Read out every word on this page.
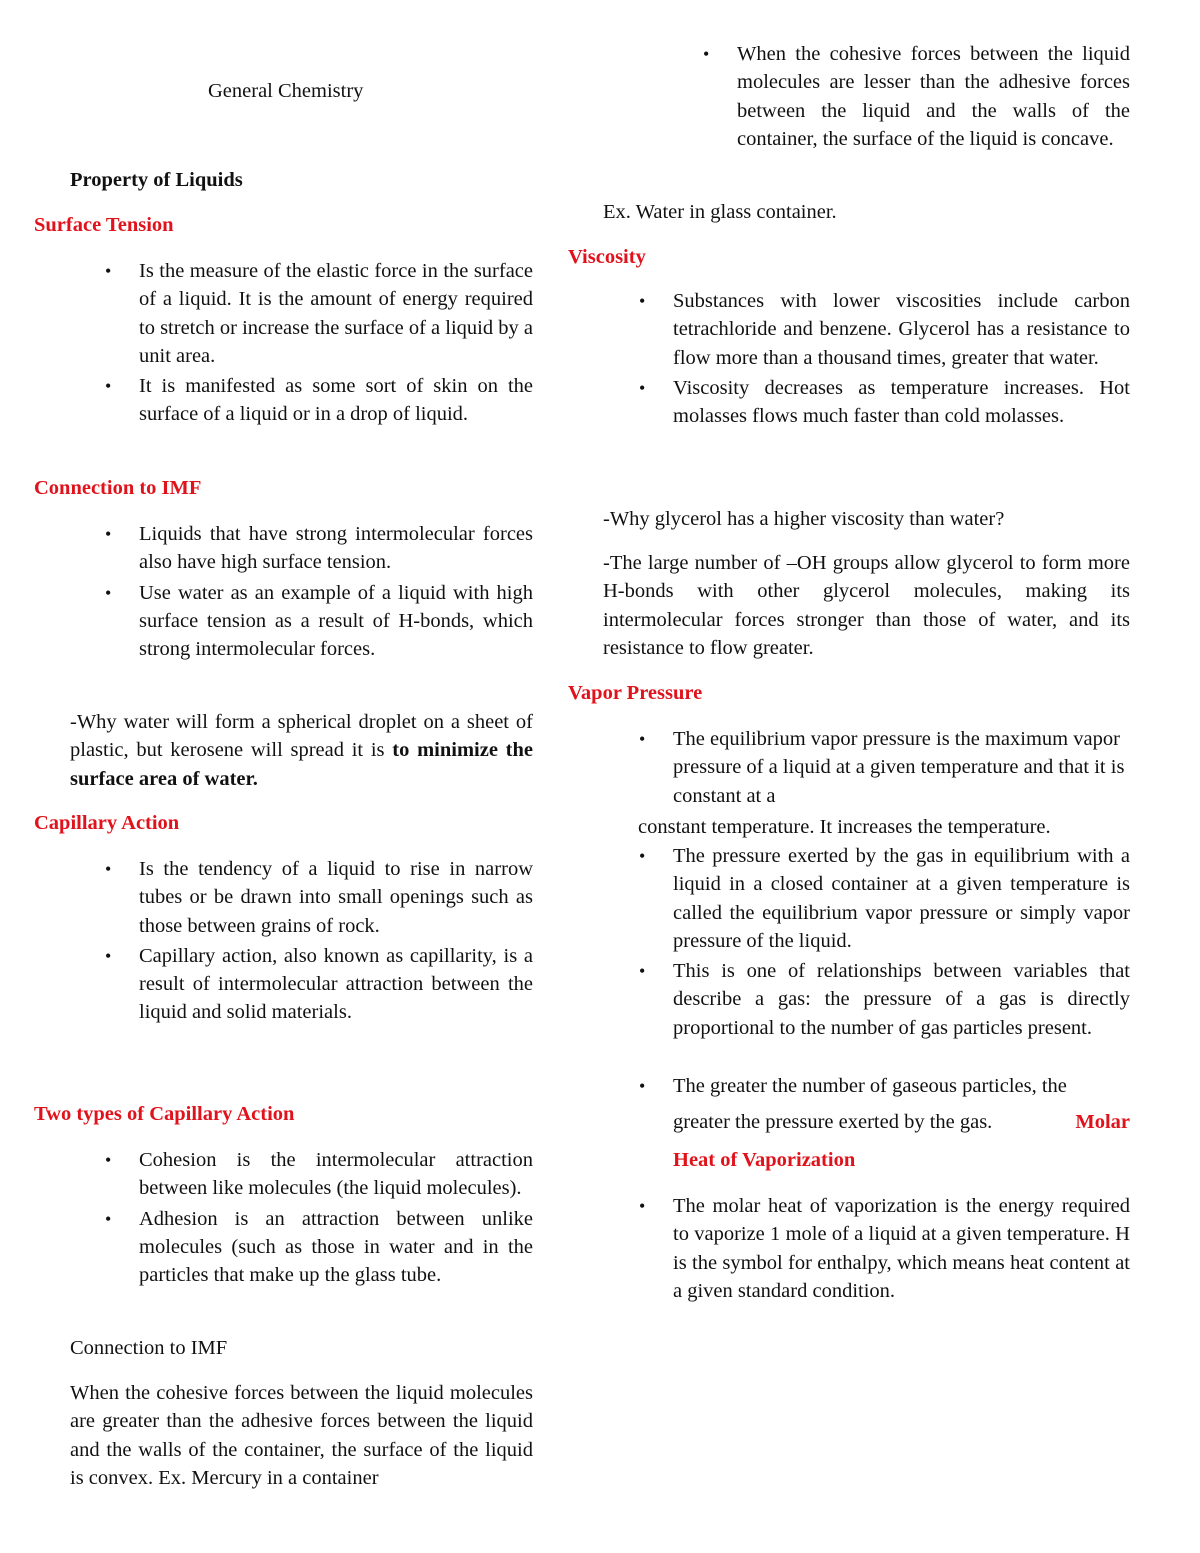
General Chemistry
Property of Liquids
Surface Tension
• Is the measure of the elastic force in the surface of a liquid. It is the amount of energy required to stretch or increase the surface of a liquid by a unit area.
• It is manifested as some sort of skin on the surface of a liquid or in a drop of liquid.
Connection to IMF
• Liquids that have strong intermolecular forces also have high surface tension.
• Use water as an example of a liquid with high surface tension as a result of H-bonds, which strong intermolecular forces.

-Why water will form a spherical droplet on a sheet of plastic, but kerosene will spread it is to minimize the surface area of water.

Capillary Action
• Is the tendency of a liquid to rise in narrow tubes or be drawn into small openings such as those between grains of rock.
• Capillary action, also known as capillarity, is a result of intermolecular attraction between the liquid and solid materials.
Two types of Capillary Action
• Cohesion is the intermolecular attraction between like molecules (the liquid molecules).
• Adhesion is an attraction between unlike molecules (such as those in water and in the particles that make up the glass tube.

Connection to IMF

When the cohesive forces between the liquid molecules are greater than the adhesive forces between the liquid and the walls of the container, the surface of the liquid is convex. Ex. Mercury in a container

• When the cohesive forces between the liquid molecules are lesser than the adhesive forces between the liquid and the walls of the container, the surface of the liquid is concave.

Ex. Water in glass container.

Viscosity
• Substances with lower viscosities include carbon tetrachloride and benzene. Glycerol has a resistance to flow more than a thousand times, greater that water.
• Viscosity decreases as temperature increases. Hot molasses flows much faster than cold molasses.

-Why glycerol has a higher viscosity than water?

-The large number of –OH groups allow glycerol to form more H-bonds with other glycerol molecules, making its intermolecular forces stronger than those of water, and its resistance to flow greater.

Vapor Pressure
• The equilibrium vapor pressure is the maximum vapor pressure of a liquid at a given temperature and that it is constant at a

constant temperature. It increases the temperature.

• The pressure exerted by the gas in equilibrium with a liquid in a closed container at a given temperature is called the equilibrium vapor pressure or simply vapor pressure of the liquid.
• This is one of relationships between variables that describe a gas: the pressure of a gas is directly proportional to the number of gas particles present.
• The greater the number of gaseous particles, the
greater the pressure exerted by the gas.	Molar
Heat of Vaporization
• The molar heat of vaporization is the energy required to vaporize 1 mole of a liquid at a given temperature. H is the symbol for enthalpy, which means heat content at a given standard condition.
